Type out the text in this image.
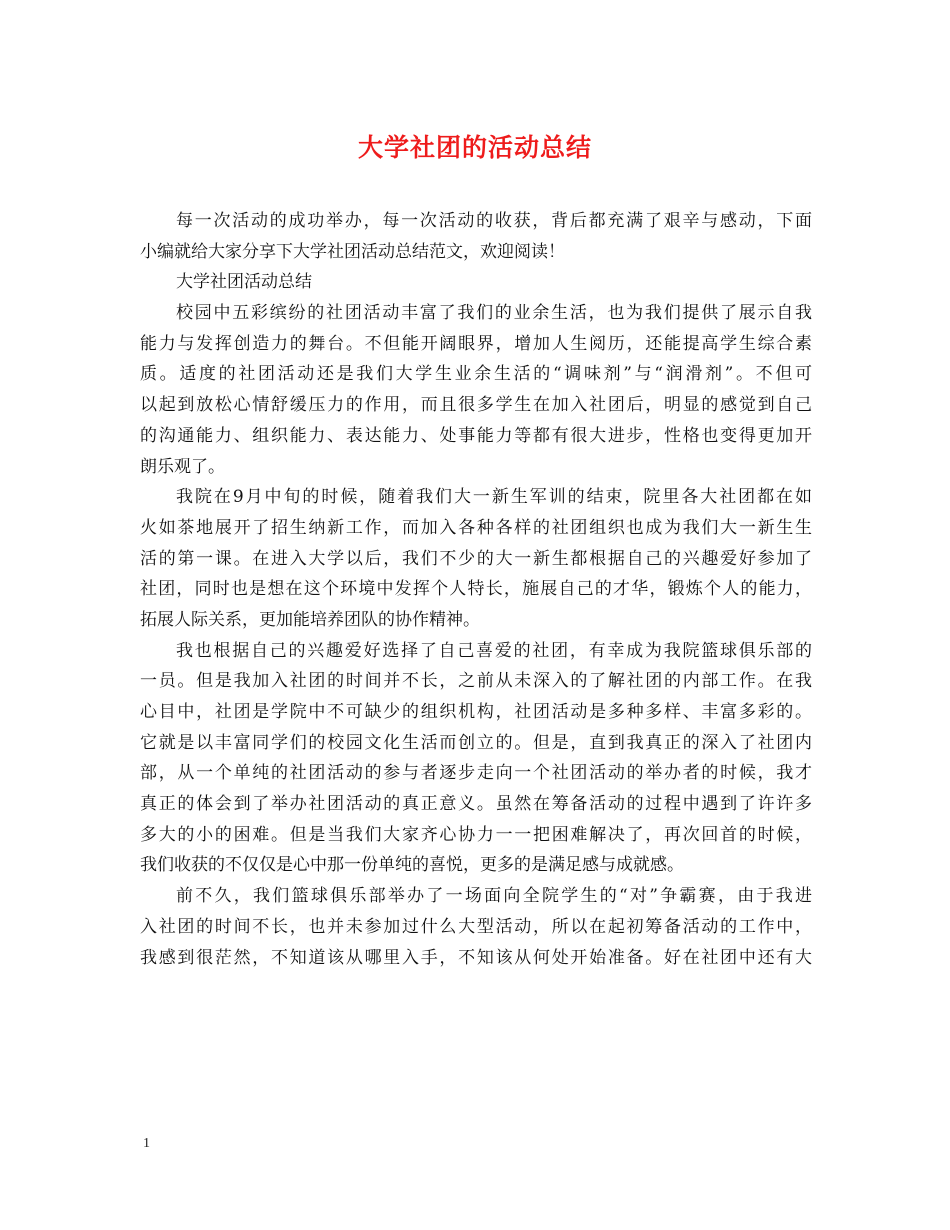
大学社团的活动总结
每一次活动的成功举办，每一次活动的收获，背后都充满了艰辛与感动，下面
小编就给大家分享下大学社团活动总结范文，欢迎阅读！
大学社团活动总结
校园中五彩缤纷的社团活动丰富了我们的业余生活，也为我们提供了展示自我
能力与发挥创造力的舞台。不但能开阔眼界，增加人生阅历，还能提高学生综合素
质。适度的社团活动还是我们大学生业余生活的“调味剂”与“润滑剂”。不但可
以起到放松心情舒缓压力的作用，而且很多学生在加入社团后，明显的感觉到自己
的沟通能力、组织能力、表达能力、处事能力等都有很大进步，性格也变得更加开
朗乐观了。
我院在9月中旬的时候，随着我们大一新生军训的结束，院里各大社团都在如
火如茶地展开了招生纳新工作，而加入各种各样的社团组织也成为我们大一新生生
活的第一课。在进入大学以后，我们不少的大一新生都根据自己的兴趣爱好参加了
社团，同时也是想在这个环境中发挥个人特长，施展自己的才华，锻炼个人的能力，
拓展人际关系，更加能培养团队的协作精神。
我也根据自己的兴趣爱好选择了自己喜爱的社团，有幸成为我院篮球俱乐部的
一员。但是我加入社团的时间并不长，之前从未深入的了解社团的内部工作。在我
心目中，社团是学院中不可缺少的组织机构，社团活动是多种多样、丰富多彩的。
它就是以丰富同学们的校园文化生活而创立的。但是，直到我真正的深入了社团内
部，从一个单纯的社团活动的参与者逐步走向一个社团活动的举办者的时候，我才
真正的体会到了举办社团活动的真正意义。虽然在筹备活动的过程中遇到了许许多
多大的小的困难。但是当我们大家齐心协力一一把困难解决了，再次回首的时候，
我们收获的不仅仅是心中那一份单纯的喜悦，更多的是满足感与成就感。
前不久，我们篮球俱乐部举办了一场面向全院学生的“对”争霸赛，由于我进
入社团的时间不长，也并未参加过什么大型活动，所以在起初筹备活动的工作中，
我感到很茫然，不知道该从哪里入手，不知该从何处开始准备。好在社团中还有大
1
